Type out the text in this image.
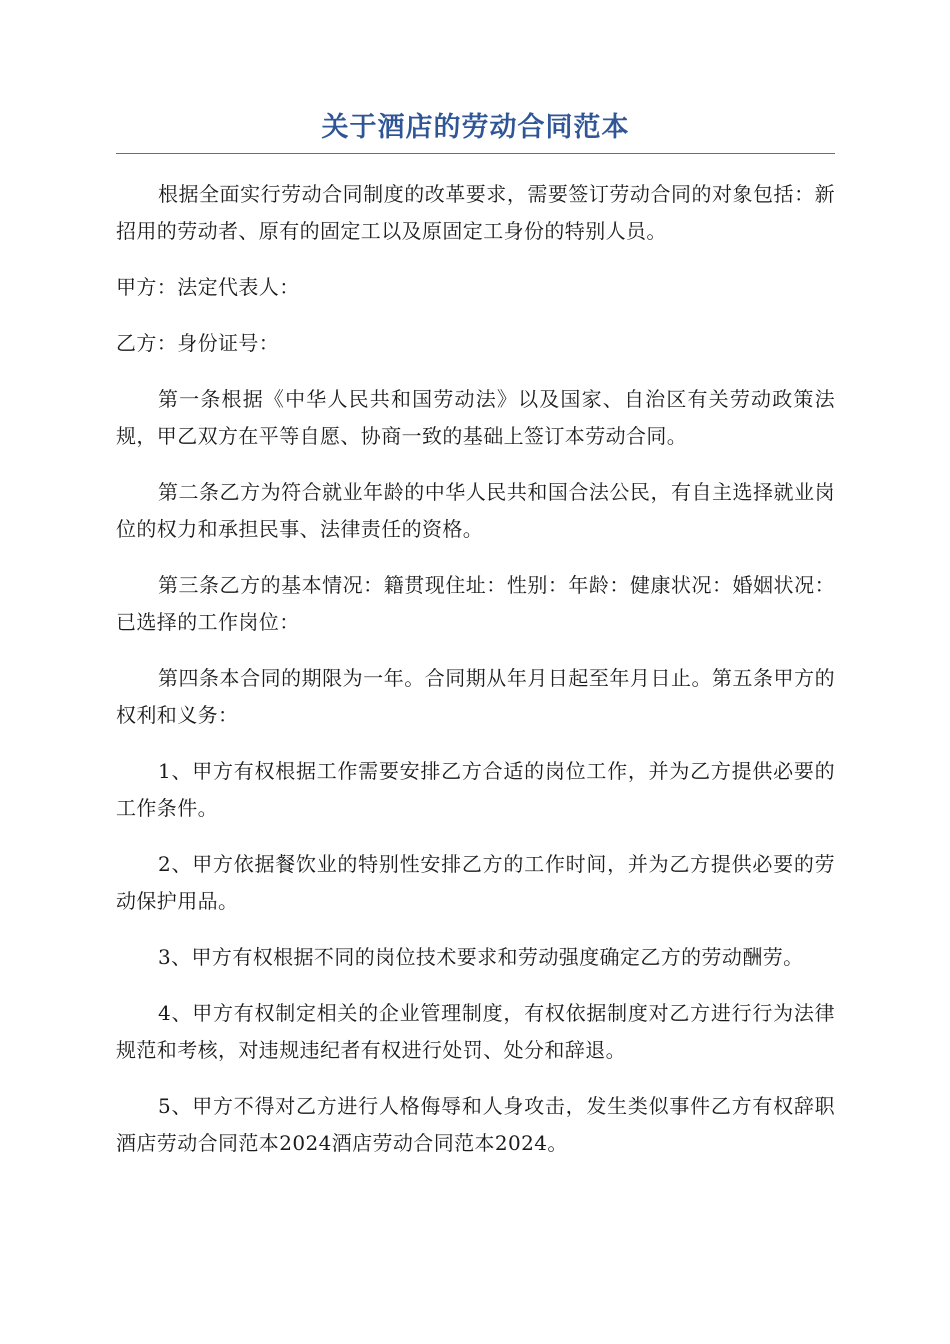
关于酒店的劳动合同范本

根据全面实行劳动合同制度的改革要求，需要签订劳动合同的对象包括：新招用的劳动者、原有的固定工以及原固定工身份的特别人员。

甲方：法定代表人：

乙方：身份证号：

第一条根据《中华人民共和国劳动法》以及国家、自治区有关劳动政策法规，甲乙双方在平等自愿、协商一致的基础上签订本劳动合同。

第二条乙方为符合就业年龄的中华人民共和国合法公民，有自主选择就业岗位的权力和承担民事、法律责任的资格。

第三条乙方的基本情况：籍贯现住址：性别：年龄：健康状况：婚姻状况：已选择的工作岗位：

第四条本合同的期限为一年。合同期从年月日起至年月日止。第五条甲方的权利和义务：

1、甲方有权根据工作需要安排乙方合适的岗位工作，并为乙方提供必要的工作条件。

2、甲方依据餐饮业的特别性安排乙方的工作时间，并为乙方提供必要的劳动保护用品。

3、甲方有权根据不同的岗位技术要求和劳动强度确定乙方的劳动酬劳。

4、甲方有权制定相关的企业管理制度，有权依据制度对乙方进行行为法律规范和考核，对违规违纪者有权进行处罚、处分和辞退。

5、甲方不得对乙方进行人格侮辱和人身攻击，发生类似事件乙方有权辞职酒店劳动合同范本2024酒店劳动合同范本2024。
